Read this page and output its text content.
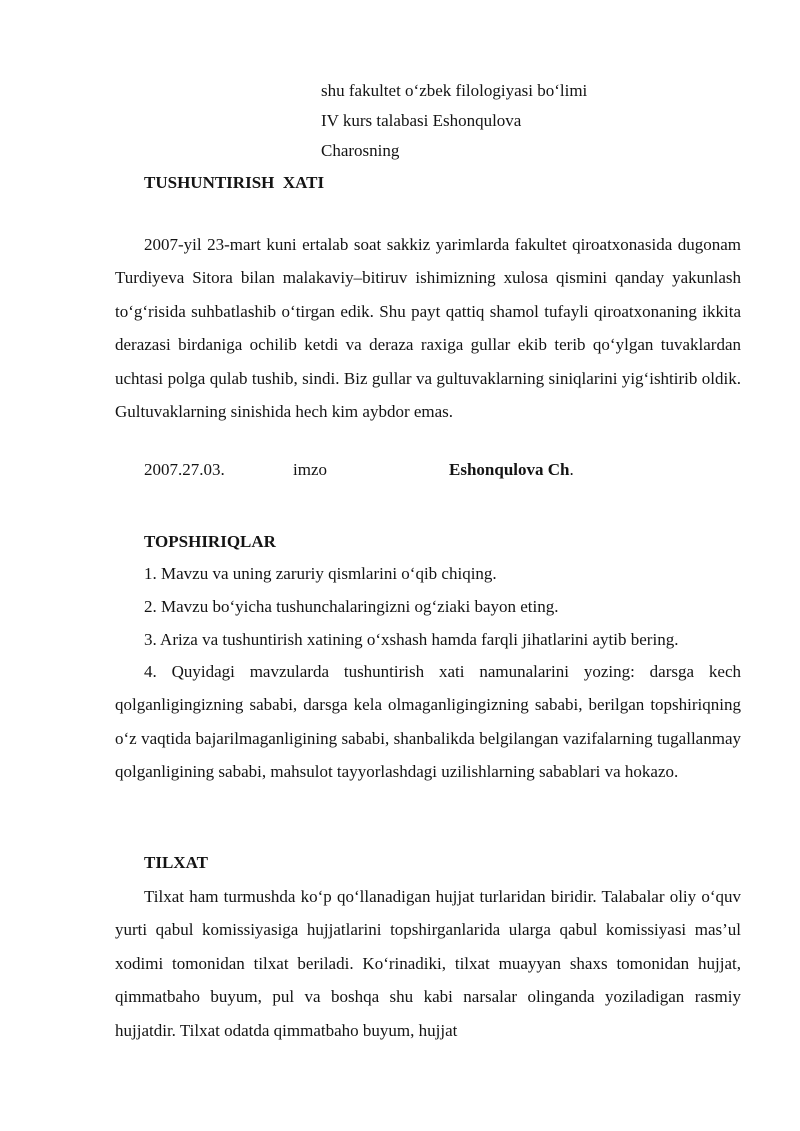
shu fakultet o‘zbek filologiyasi bo‘limi
IV kurs talabasi Eshonqulova
Charosning
TUSHUNTIRISH  XATI

2007-yil 23-mart kuni ertalab soat sakkiz yarimlarda fakultet qiroatxonasida dugonam Turdiyeva Sitora bilan malakaviy–bitiruv ishimizning xulosa qismini qanday yakunlash to‘g‘risida suhbatlashib o‘tirgan edik. Shu payt qattiq shamol tufayli qiroatxonaning ikkita derazasi birdaniga ochilib ketdi va deraza raxiga gullar ekib terib qo‘ylgan tuvaklardan uchtasi polga qulab tushib, sindi. Biz gullar va gultuvaklarning siniqlarini yig‘ishtirib oldik. Gultuvaklarning sinishida hech kim aybdor emas.

2007.27.03.	imzo	Eshonqulova Ch.
TOPSHIRIQLAR
1. Mavzu va uning zaruriy qismlarini o‘qib chiqing.
2. Mavzu bo‘yicha tushunchalaringizni og‘ziaki bayon eting.
3. Ariza va tushuntirish xatining o‘xshash hamda farqli jihatlarini aytib bering.

4. Quyidagi mavzularda tushuntirish xati namunalarini yozing: darsga kech qolganligingizning sababi, darsga kela olmaganligingizning sababi, berilgan topshiriqning o‘z vaqtida bajarilmaganligining sababi, shanbalikda belgilangan vazifalarning tugallanmay qolganligining sababi, mahsulot tayyorlashdagi uzilishlarning sabablari va hokazo.

TILXAT

Tilxat ham turmushda ko‘p qo‘llanadigan hujjat turlaridan biridir. Talabalar oliy o‘quv yurti qabul komissiyasiga hujjatlarini topshirganlarida ularga qabul komissiyasi mas’ul xodimi tomonidan tilxat beriladi. Ko‘rinadiki, tilxat muayyan shaxs tomonidan hujjat, qimmatbaho buyum, pul va boshqa shu kabi narsalar olinganda yoziladigan rasmiy hujjatdir. Tilxat odatda qimmatbaho buyum, hujjat
